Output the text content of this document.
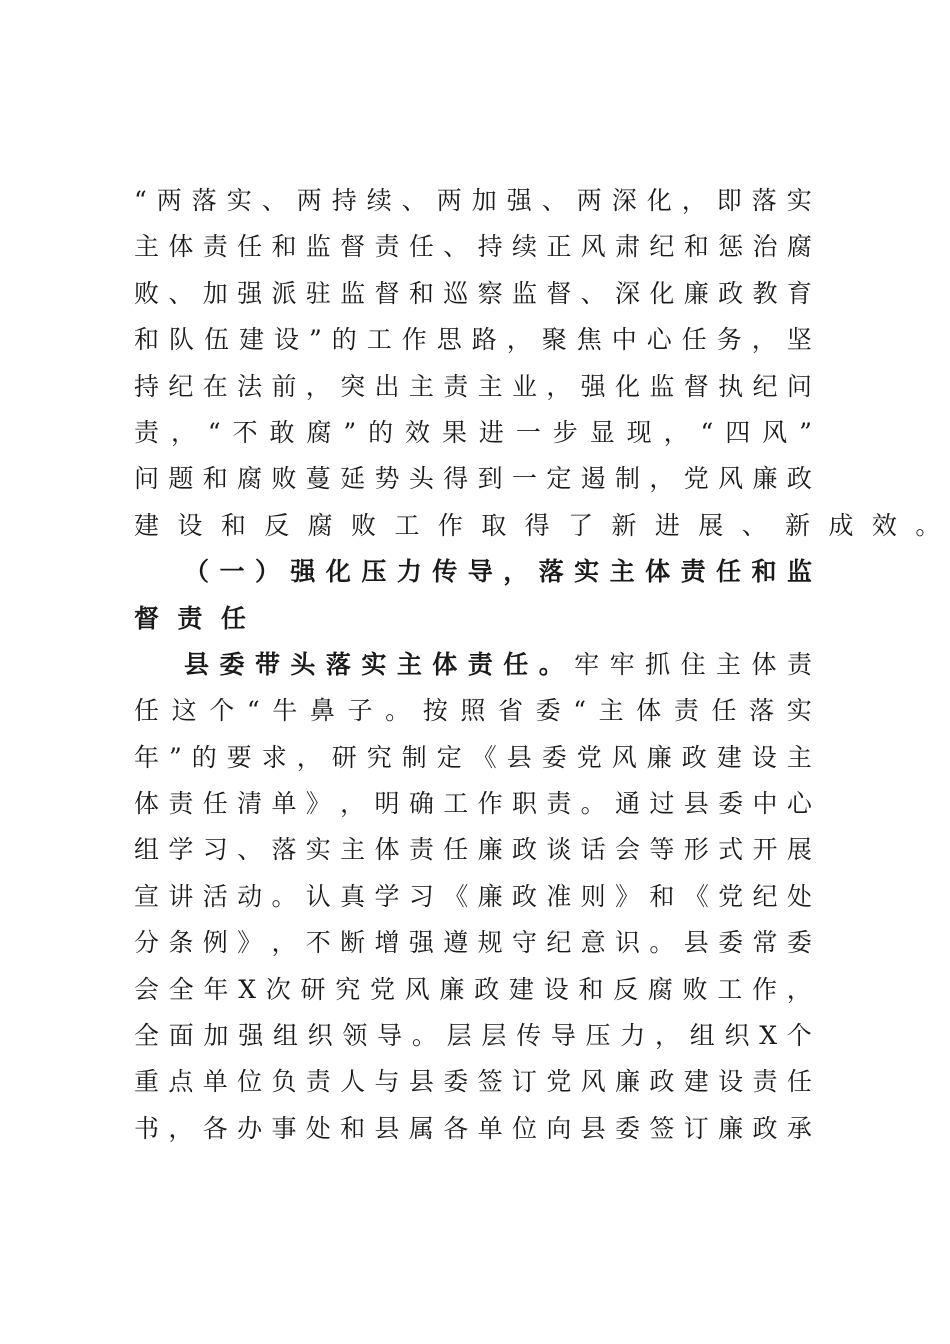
“ 两 落 实 、 两 持 续 、 两 加 强 、 两 深 化 ， 即 落 实
主 体 责 任 和 监 督 责 任 、 持 续 正 风 肃 纪 和 惩 治 腐
败 、 加 强 派 驻 监 督 和 巡 察 监 督 、 深 化 廉 政 教 育
和 队 伍 建 设 ” 的 工 作 思 路 ， 聚 焦 中 心 任 务 ， 坚
持 纪 在 法 前 ， 突 出 主 责 主 业 ， 强 化 监 督 执 纪 问
责 ， “ 不 敢 腐 ” 的 效 果 进 一 步 显 现 ， “ 四 风 ”
问 题 和 腐 败 蔓 延 势 头 得 到 一 定 遏 制 ， 党 风 廉 政
建 设 和 反 腐 败 工 作 取 得 了 新 进 展 、 新 成 效 。
（ 一 ） 强 化 压 力 传 导 ， 落 实 主 体 责 任 和 监
督 责 任
县 委 带 头 落 实 主 体 责 任 。 牢 牢 抓 住 主 体 责
任 这 个 “ 牛 鼻 子 。 按 照 省 委 “ 主 体 责 任 落 实
年 ” 的 要 求 ， 研 究 制 定 《 县 委 党 风 廉 政 建 设 主
体 责 任 清 单 》 ， 明 确 工 作 职 责 。 通 过 县 委 中 心
组 学 习 、 落 实 主 体 责 任 廉 政 谈 话 会 等 形 式 开 展
宣 讲 活 动 。 认 真 学 习 《 廉 政 准 则 》 和 《 党 纪 处
分 条 例 》 ， 不 断 增 强 遵 规 守 纪 意 识 。 县 委 常 委
会 全 年 X 次 研 究 党 风 廉 政 建 设 和 反 腐 败 工 作 ，
全 面 加 强 组 织 领 导 。 层 层 传 导 压 力 ， 组 织 X 个
重 点 单 位 负 责 人 与 县 委 签 订 党 风 廉 政 建 设 责 任
书 ， 各 办 事 处 和 县 属 各 单 位 向 县 委 签 订 廉 政 承
